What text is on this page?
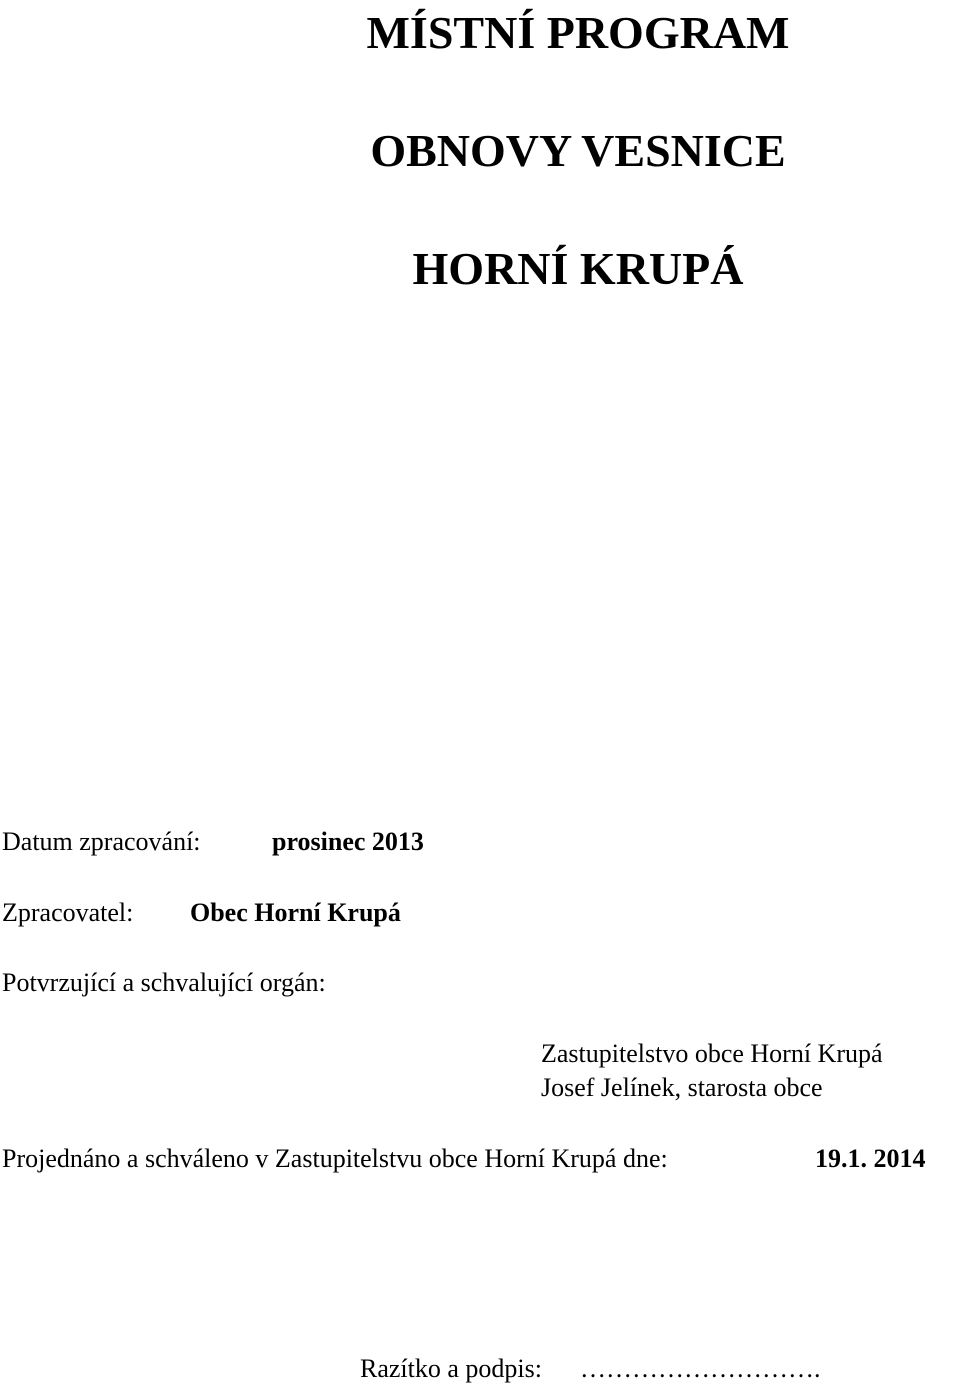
MÍSTNÍ PROGRAM
OBNOVY VESNICE
HORNÍ KRUPÁ
Datum zpracování:	prosinec 2013
Zpracovatel: Obec Horní Krupá
Potvrzující a schvalující orgán:
Zastupitelstvo obce Horní Krupá
Josef Jelínek, starosta obce
Projednáno a schváleno v Zastupitelstvu obce Horní Krupá dne:	19.1. 2014
Razítko a podpis: ……………………….
